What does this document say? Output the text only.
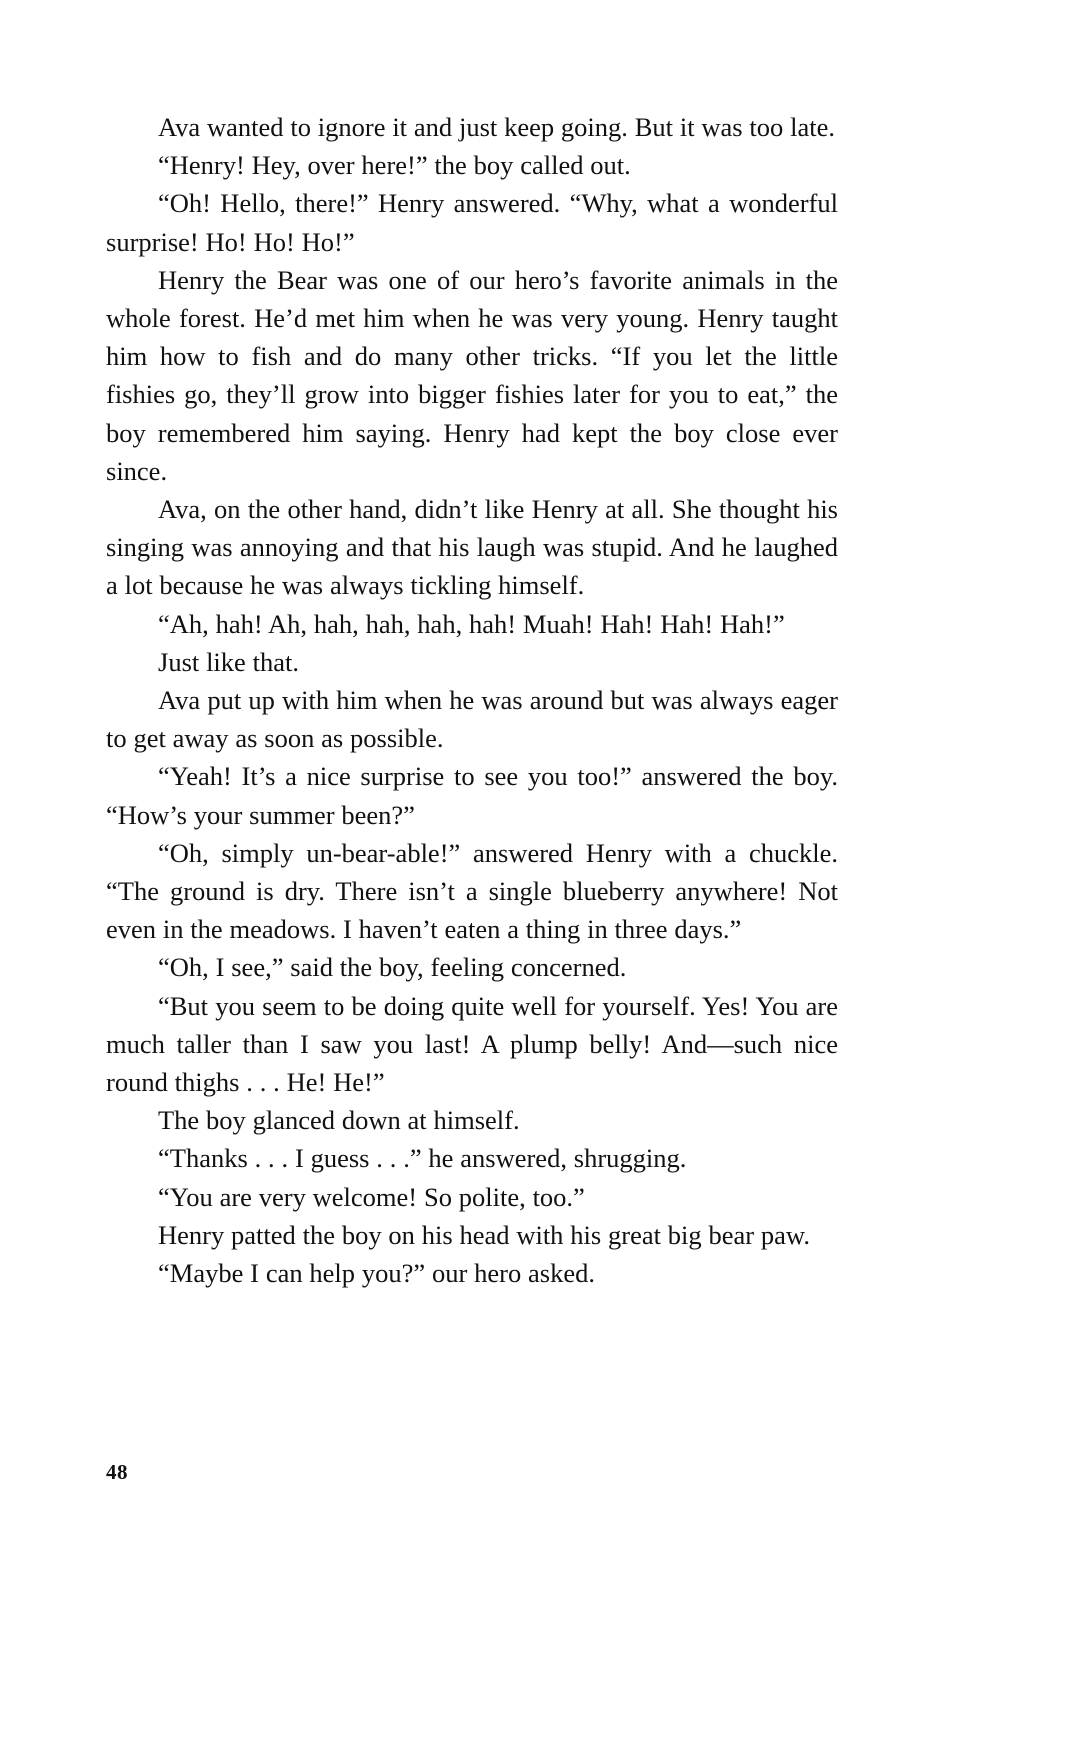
Ava wanted to ignore it and just keep going. But it was too late.

“Henry! Hey, over here!” the boy called out.

“Oh! Hello, there!” Henry answered. “Why, what a wonderful surprise! Ho! Ho! Ho!”

Henry the Bear was one of our hero’s favorite animals in the whole forest. He’d met him when he was very young. Henry taught him how to fish and do many other tricks. “If you let the little fishies go, they’ll grow into bigger fishies later for you to eat,” the boy remembered him saying. Henry had kept the boy close ever since.

Ava, on the other hand, didn’t like Henry at all. She thought his singing was annoying and that his laugh was stupid. And he laughed a lot because he was always tickling himself.

“Ah, hah! Ah, hah, hah, hah, hah! Muah! Hah! Hah! Hah!”

Just like that.

Ava put up with him when he was around but was always eager to get away as soon as possible.

“Yeah! It’s a nice surprise to see you too!” answered the boy. “How’s your summer been?”

“Oh, simply un-bear-able!” answered Henry with a chuckle. “The ground is dry. There isn’t a single blueberry anywhere! Not even in the meadows. I haven’t eaten a thing in three days.”

“Oh, I see,” said the boy, feeling concerned.

“But you seem to be doing quite well for yourself. Yes! You are much taller than I saw you last! A plump belly! And—such nice round thighs . . . He! He!”

The boy glanced down at himself.

“Thanks . . . I guess . . .” he answered, shrugging.

“You are very welcome! So polite, too.”

Henry patted the boy on his head with his great big bear paw.

“Maybe I can help you?” our hero asked.

48
